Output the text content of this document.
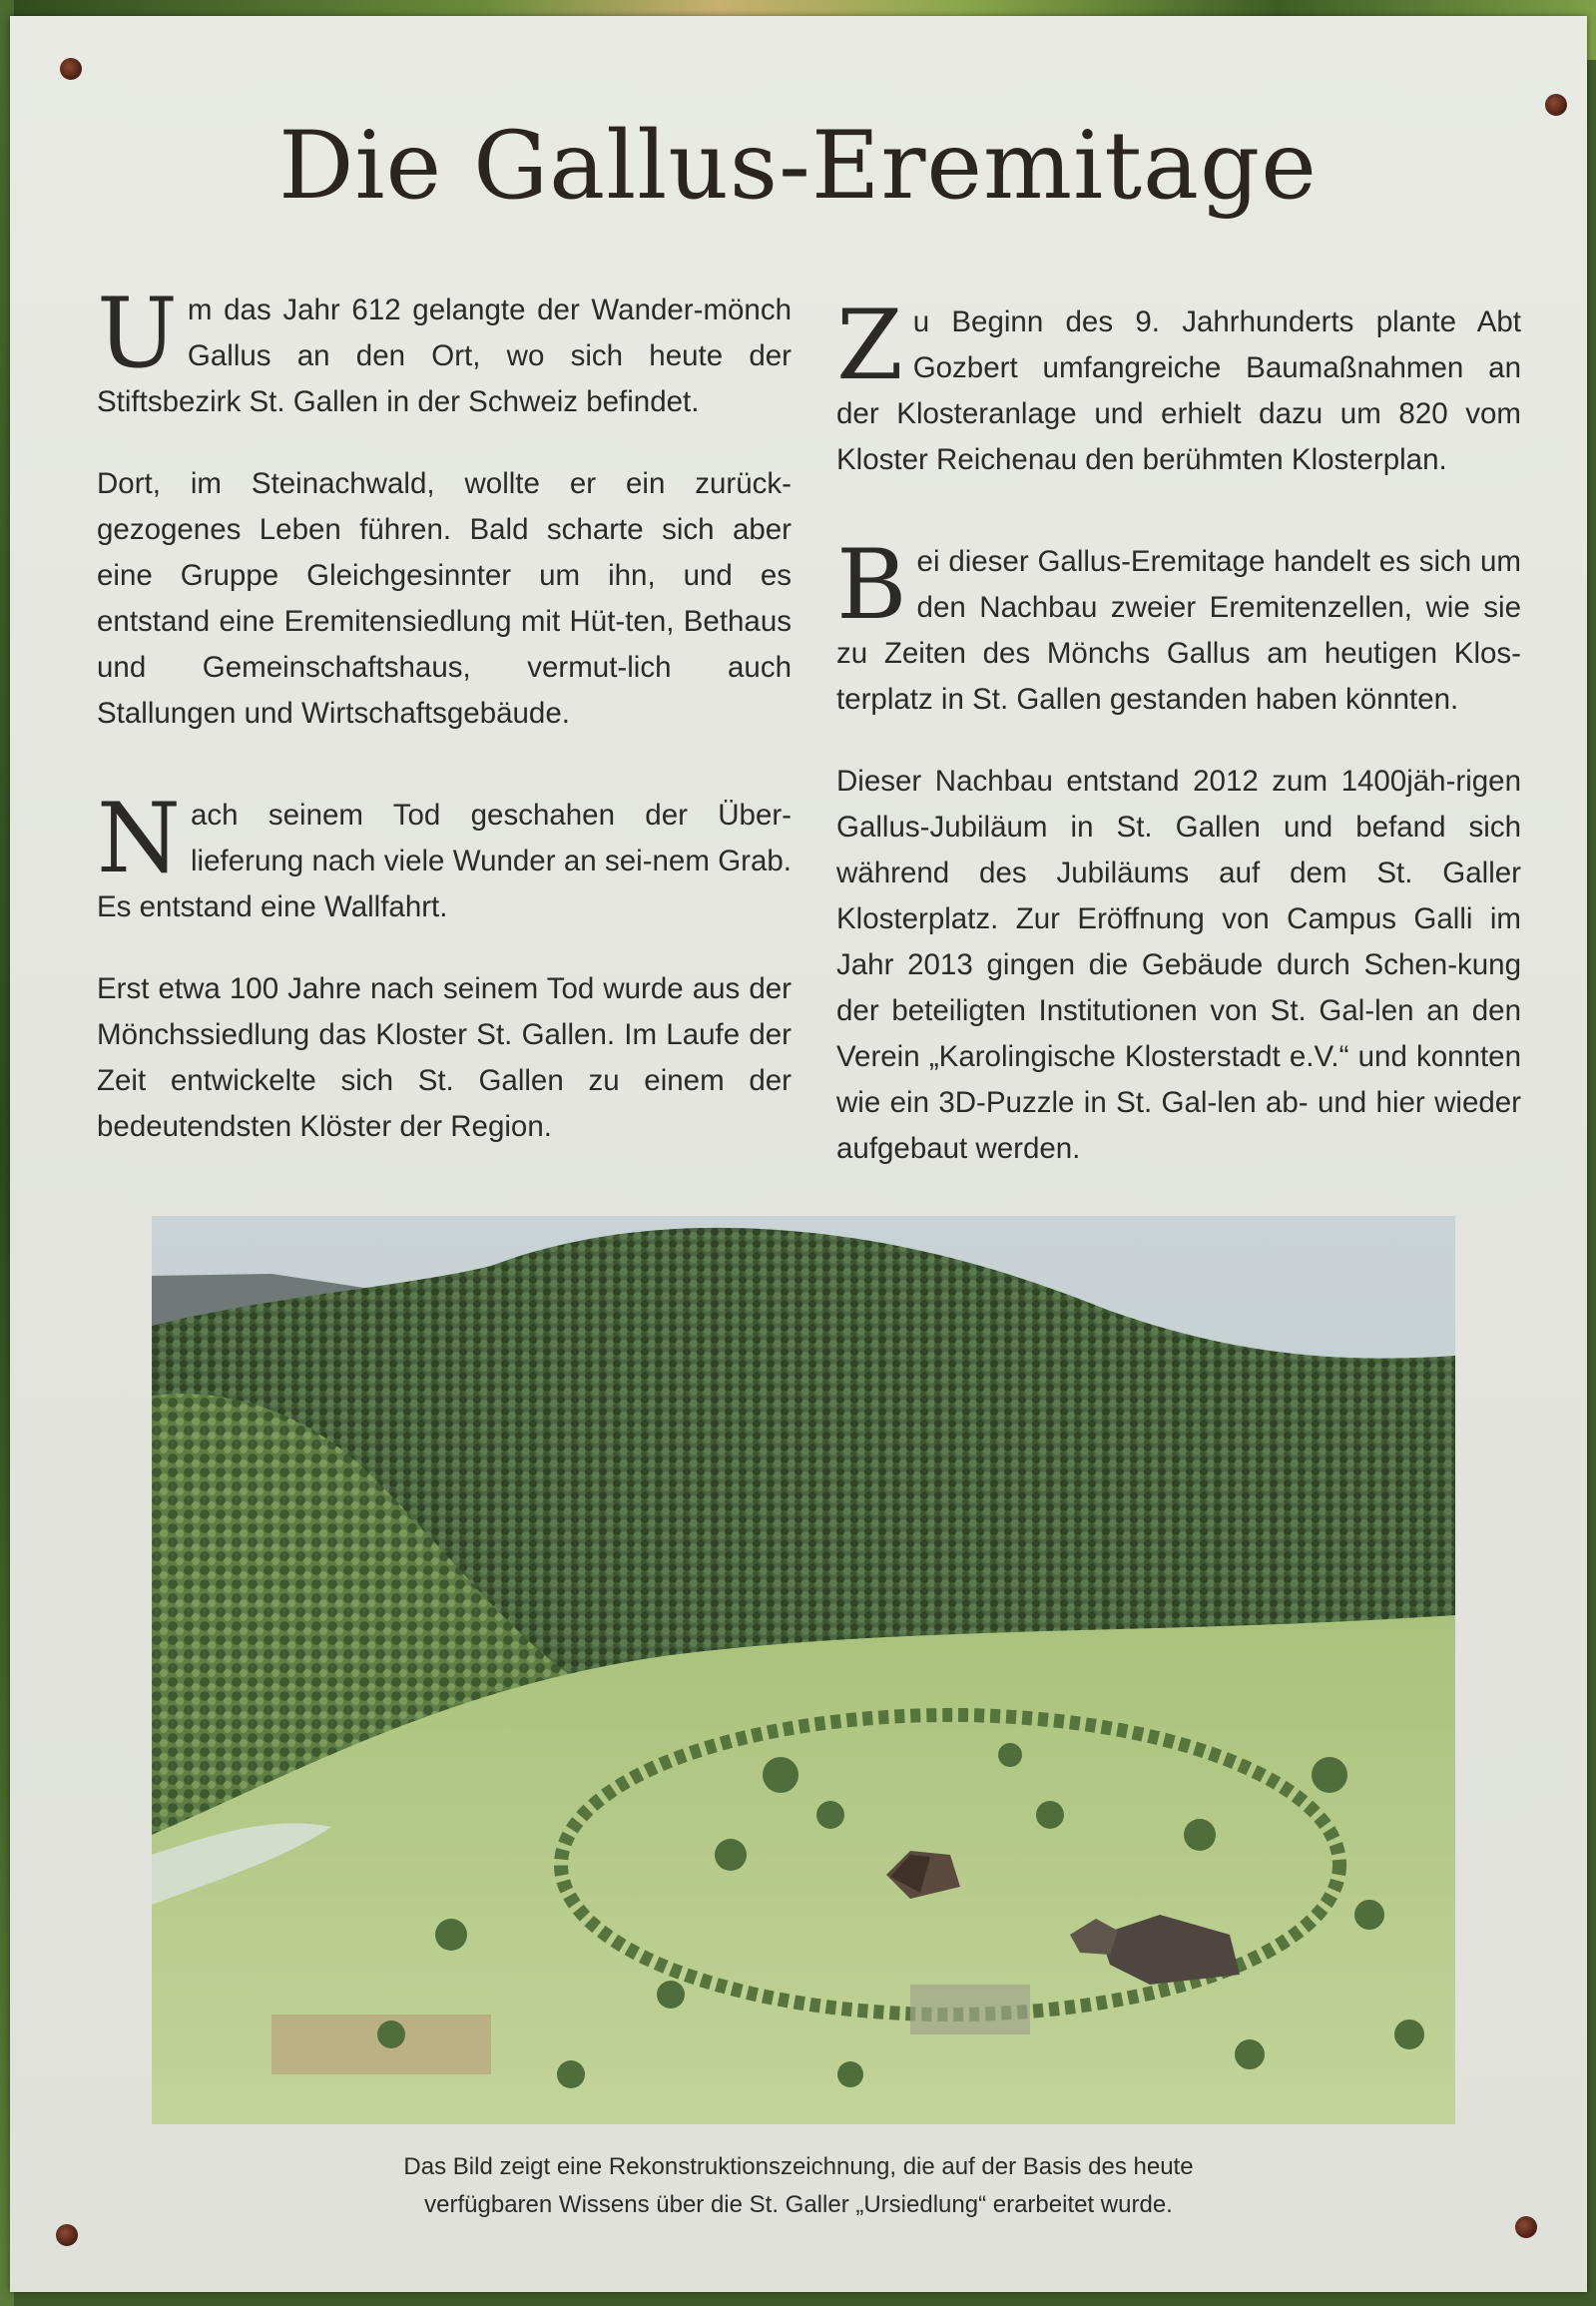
Die Gallus-Eremitage

Um das Jahr 612 gelangte der Wander-mönch Gallus an den Ort, wo sich heute der Stiftsbezirk St. Gallen in der Schweiz befindet.

Dort, im Steinachwald, wollte er ein zurück-gezogenes Leben führen. Bald scharte sich aber eine Gruppe Gleichgesinnter um ihn, und es entstand eine Eremitensiedlung mit Hüt-ten, Bethaus und Gemeinschaftshaus, vermut-lich auch Stallungen und Wirtschaftsgebäude.

Nach seinem Tod geschahen der Über-lieferung nach viele Wunder an sei-nem Grab. Es entstand eine Wallfahrt.

Erst etwa 100 Jahre nach seinem Tod wurde aus der Mönchssiedlung das Kloster St. Gallen. Im Laufe der Zeit entwickelte sich St. Gallen zu einem der bedeutendsten Klöster der Region.

Zu Beginn des 9. Jahrhunderts plante Abt Gozbert umfangreiche Baumaßnahmen an der Klosteranlage und erhielt dazu um 820 vom Kloster Reichenau den berühmten Klosterplan.

Bei dieser Gallus-Eremitage handelt es sich um den Nachbau zweier Eremitenzellen, wie sie zu Zeiten des Mönchs Gallus am heutigen Klos-terplatz in St. Gallen gestanden haben könnten.

Dieser Nachbau entstand 2012 zum 1400jäh-rigen Gallus-Jubiläum in St. Gallen und befand sich während des Jubiläums auf dem St. Galler Klosterplatz. Zur Eröffnung von Campus Galli im Jahr 2013 gingen die Gebäude durch Schen-kung der beteiligten Institutionen von St. Gal-len an den Verein „Karolingische Klosterstadt e.V.“ und konnten wie ein 3D-Puzzle in St. Gal-len ab- und hier wieder aufgebaut werden.

Das Bild zeigt eine Rekonstruktionszeichnung, die auf der Basis des heute
verfügbaren Wissens über die St. Galler „Ursiedlung“ erarbeitet wurde.
